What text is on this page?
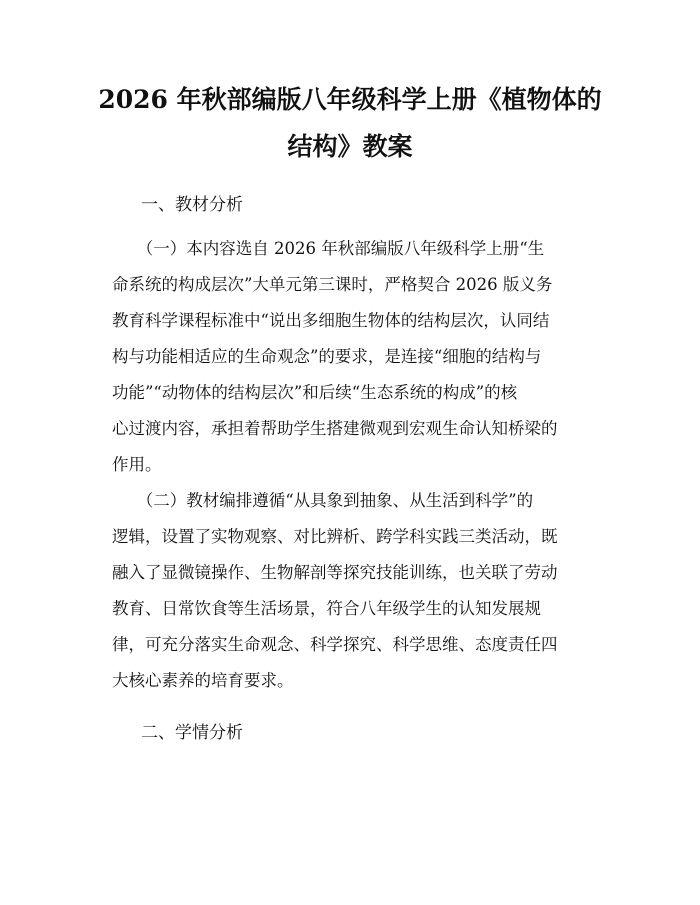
2026 年秋部编版八年级科学上册《植物体的
结构》教案

一、教材分析

　　（一）本内容选自 2026 年秋部编版八年级科学上册“生
命系统的构成层次”大单元第三课时，严格契合 2026 版义务
教育科学课程标准中“说出多细胞生物体的结构层次，认同结
构与功能相适应的生命观念”的要求，是连接“细胞的结构与
功能”“动物体的结构层次”和后续“生态系统的构成”的核
心过渡内容，承担着帮助学生搭建微观到宏观生命认知桥梁的
作用。
　　（二）教材编排遵循“从具象到抽象、从生活到科学”的
逻辑，设置了实物观察、对比辨析、跨学科实践三类活动，既
融入了显微镜操作、生物解剖等探究技能训练，也关联了劳动
教育、日常饮食等生活场景，符合八年级学生的认知发展规
律，可充分落实生命观念、科学探究、科学思维、态度责任四
大核心素养的培育要求。

二、学情分析
